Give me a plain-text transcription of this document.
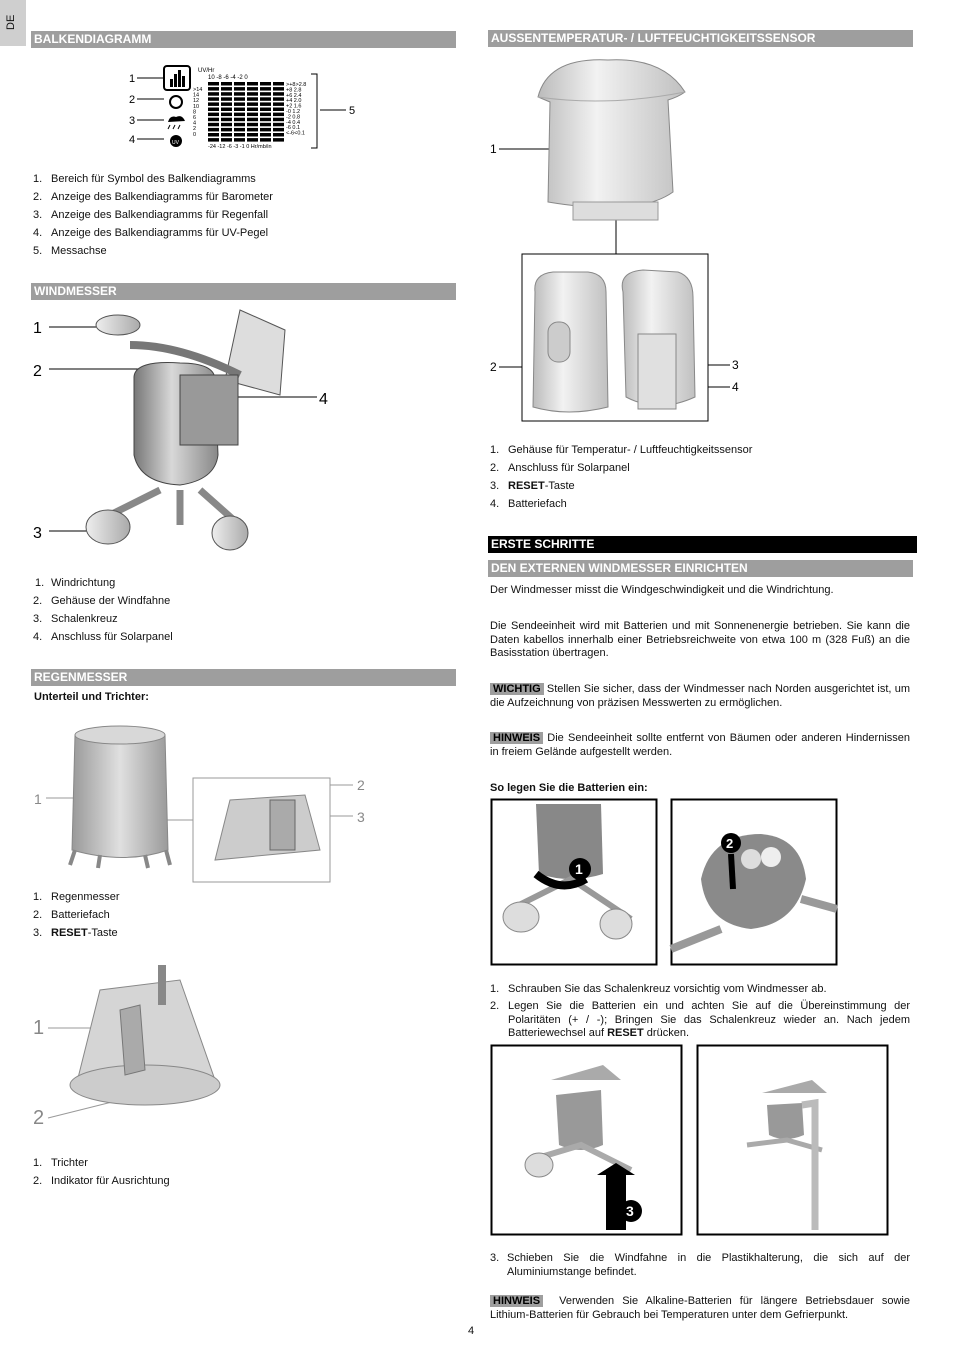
DE
BALKENDIAGRAMM
1
2
3
4
5
UV
UV/Hr
10 -8 -6 -4 -2 0
>14
14
12
10
8
6
4
2
0
>+8>2.8
+8 2.8
+6 2.4
+4 2.0
+2 1.6
-0 1.2
-2 0.8
-4 0.4
-6 0.1
<-6<0.1
-24 -12 -6 -3 -1 0 Hr/mb/in
1. Bereich für Symbol des Balkendiagramms
2. Anzeige des Balkendiagramms für Barometer
3. Anzeige des Balkendiagramms für Regenfall
4. Anzeige des Balkendiagramms für UV-Pegel
5. Messachse
WINDMESSER
1
2
3
4
1. Windrichtung
2. Gehäuse der Windfahne
3. Schalenkreuz
4. Anschluss für Solarpanel
REGENMESSER
Unterteil und Trichter:
1
2
3
1. Regenmesser
2. Batteriefach
3. RESET-Taste
1
2
1. Trichter
2. Indikator für Ausrichtung
AUSSENTEMPERATUR- / LUFTFEUCHTIGKEITSSENSOR
1
2	3
4
1. Gehäuse für Temperatur- / Luftfeuchtigkeitssensor
2. Anschluss für Solarpanel
3. RESET-Taste
4. Batteriefach
ERSTE SCHRITTE
DEN EXTERNEN WINDMESSER EINRICHTEN

Der Windmesser misst die Windgeschwindigkeit und die Windrichtung.

Die Sendeeinheit wird mit Batterien und mit Sonnenenergie betrieben. Sie kann die Daten kabellos innerhalb einer Betriebsreichweite von etwa 100 m (328 Fuß) an die Basisstation übertragen.

WICHTIG Stellen Sie sicher, dass der Windmesser nach Norden ausgerichtet ist, um die Aufzeichnung von präzisen Messwerten zu ermöglichen.

HINWEIS Die Sendeeinheit sollte entfernt von Bäumen oder anderen Hindernissen in freiem Gelände aufgestellt werden.

So legen Sie die Batterien ein:
1
2
1. Schrauben Sie das Schalenkreuz vorsichtig vom Windmesser ab.
2. Legen Sie die Batterien ein und achten Sie auf die Übereinstimmung der Polaritäten (+ / -); Bringen Sie das Schalenkreuz wieder an. Nach jedem Batteriewechsel auf RESET drücken.
3

3. Schieben Sie die Windfahne in die Plastikhalterung, die sich auf der Aluminiumstange befindet.

HINWEIS Verwenden Sie Alkaline-Batterien für längere Betriebsdauer sowie Lithium-Batterien für Gebrauch bei Temperaturen unter dem Gefrierpunkt.

4
